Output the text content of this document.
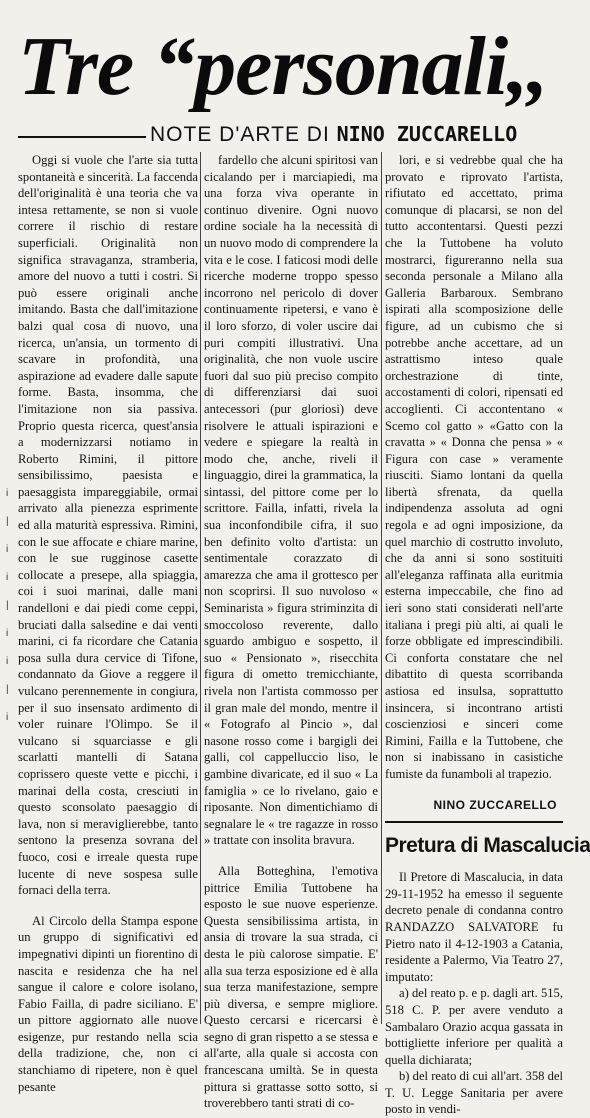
Tre “personali,,
NOTE D'ARTE DI NINO ZUCCARELLO
i
|
i
i
|
i
i
|
i

Oggi si vuole che l'arte sia tutta spontaneità e sincerità. La faccenda dell'originalità è una teoria che va intesa rettamente, se non si vuole correre il rischio di restare superficiali. Originalità non significa stravaganza, stramberia, amore del nuovo a tutti i costri. Si può essere originali anche imitando. Basta che dall'imitazione balzi qual cosa di nuovo, una ricerca, un'ansia, un tormento di scavare in profondità, una aspirazione ad evadere dalle sapute forme. Basta, insomma, che l'imitazione non sia passiva. Proprio questa ricerca, quest'ansia a modernizzarsi notiamo in Roberto Rimini, il pittore sensibilissimo, paesista e paesaggista impareggiabile, ormai arrivato alla pienezza esprimente ed alla maturità espressiva. Rimini, con le sue affocate e chiare marine, con le sue rugginose casette collocate a presepe, alla spiaggia, coi i suoi marinai, dalle mani randelloni e dai piedi come ceppi, bruciati dalla salsedine e dai venti marini, ci fa ricordare che Catania posa sulla dura cervice di Tifone, condannato da Giove a reggere il vulcano perennemente in congiura, per il suo insensato ardimento di voler ruinare l'Olimpo. Se il vulcano si squarciasse e gli scarlatti mantelli di Satana coprissero queste vette e picchi, i marinai della costa, cresciuti in questo sconsolato paesaggio di lava, non si meraviglierebbe, tanto sentono la presenza sovrana del fuoco, cosi e irreale questa rupe lucente di neve sospesa sulle fornaci della terra.

Al Circolo della Stampa espone un gruppo di significativi ed impegnativi dipinti un fiorentino di nascita e residenza che ha nel sangue il calore e colore isolano, Fabio Failla, di padre siciliano. E' un pittore aggiornato alle nuove esigenze, pur restando nella scia della tradizione, che, non ci stanchiamo di ripetere, non è quel pesante

fardello che alcuni spiritosi van cicalando per i marciapiedi, ma una forza viva operante in continuo divenire. Ogni nuovo ordine sociale ha la necessità di un nuovo modo di comprendere la vita e le cose. I faticosi modi delle ricerche moderne troppo spesso incorrono nel pericolo di dover continuamente ripetersi, e vano è il loro sforzo, di voler uscire dai puri compiti illustrativi. Una originalità, che non vuole uscire fuori dal suo più preciso compito di differenziarsi dai suoi antecessori (pur gloriosi) deve risolvere le attuali ispirazioni e vedere e spiegare la realtà in modo che, anche, riveli il linguaggio, direi la grammatica, la sintassi, del pittore come per lo scrittore. Failla, infatti, rivela la sua inconfondibile cifra, il suo ben definito volto d'artista: un sentimentale corazzato di amarezza che ama il grottesco per non scoprirsi. Il suo nuvoloso « Seminarista » figura striminzita di smoccoloso reverente, dallo sguardo ambiguo e sospetto, il suo « Pensionato », risecchita figura di ometto tremicchiante, rivela non l'artista commosso per il gran male del mondo, mentre il « Fotografo al Pincio », dal nasone rosso come i bargigli dei galli, col cappelluccio liso, le gambine divaricate, ed il suo « La famiglia » ce lo rivelano, gaio e riposante. Non dimentichiamo di segnalare le « tre ragazze in rosso » trattate con insolita bravura.

Alla Botteghina, l'emotiva pittrice Emilia Tuttobene ha esposto le sue nuove esperienze. Questa sensibilissima artista, in ansia di trovare la sua strada, ci desta le più calorose simpatie. E' alla sua terza esposizione ed è alla sua terza manifestazione, sempre più diversa, e sempre migliore. Questo cercarsi e ricercarsi è segno di gran rispetto a se stessa e all'arte, alla quale si accosta con francescana umiltà. Se in questa pittura si grattasse sotto sotto, si troverebbero tanti strati di co-

lori, e si vedrebbe qual che ha provato e riprovato l'artista, rifiutato ed accettato, prima comunque di placarsi, se non del tutto accontentarsi. Questi pezzi che la Tuttobene ha voluto mostrarci, figureranno nella sua seconda personale a Milano alla Galleria Barbaroux. Sembrano ispirati alla scomposizione delle figure, ad un cubismo che si potrebbe anche accettare, ad un astrattismo inteso quale orchestrazione di tinte, accostamenti di colori, ripensati ed accoglienti. Ci accontentano « Scemo col gatto » «Gatto con la cravatta » « Donna che pensa » « Figura con case » veramente riusciti. Siamo lontani da quella libertà sfrenata, da quella indipendenza assoluta ad ogni regola e ad ogni imposizione, da quel marchio di costrutto involuto, che da anni si sono sostituiti all'eleganza raffinata alla euritmia esterna impeccabile, che fino ad ieri sono stati considerati nell'arte italiana i pregi più alti, ai quali le forze obbligate ed imprescindibili. Ci conforta constatare che nel dibattito di questa scorribanda astiosa ed insulsa, soprattutto insincera, si incontrano artisti coscienziosi e sinceri come Rimini, Failla e la Tuttobene, che non si inabissano in casistiche fumiste da funamboli al trapezio.

NINO ZUCCARELLO
Pretura di Mascalucia

Il Pretore di Mascalucia, in data 29-11-1952 ha emesso il seguente decreto penale di condanna contro RANDAZZO SALVATORE fu Pietro nato il 4-12-1903 a Catania, residente a Palermo, Via Teatro 27, imputato:

a) del reato p. e p. dagli art. 515, 518 C. P. per avere venduto a Sambalaro Orazio acqua gassata in bottigliette inferiore per qualità a quella dichiarata;

b) del reato di cui all'art. 358 del T. U. Legge Sanitaria per avere posto in vendi-
